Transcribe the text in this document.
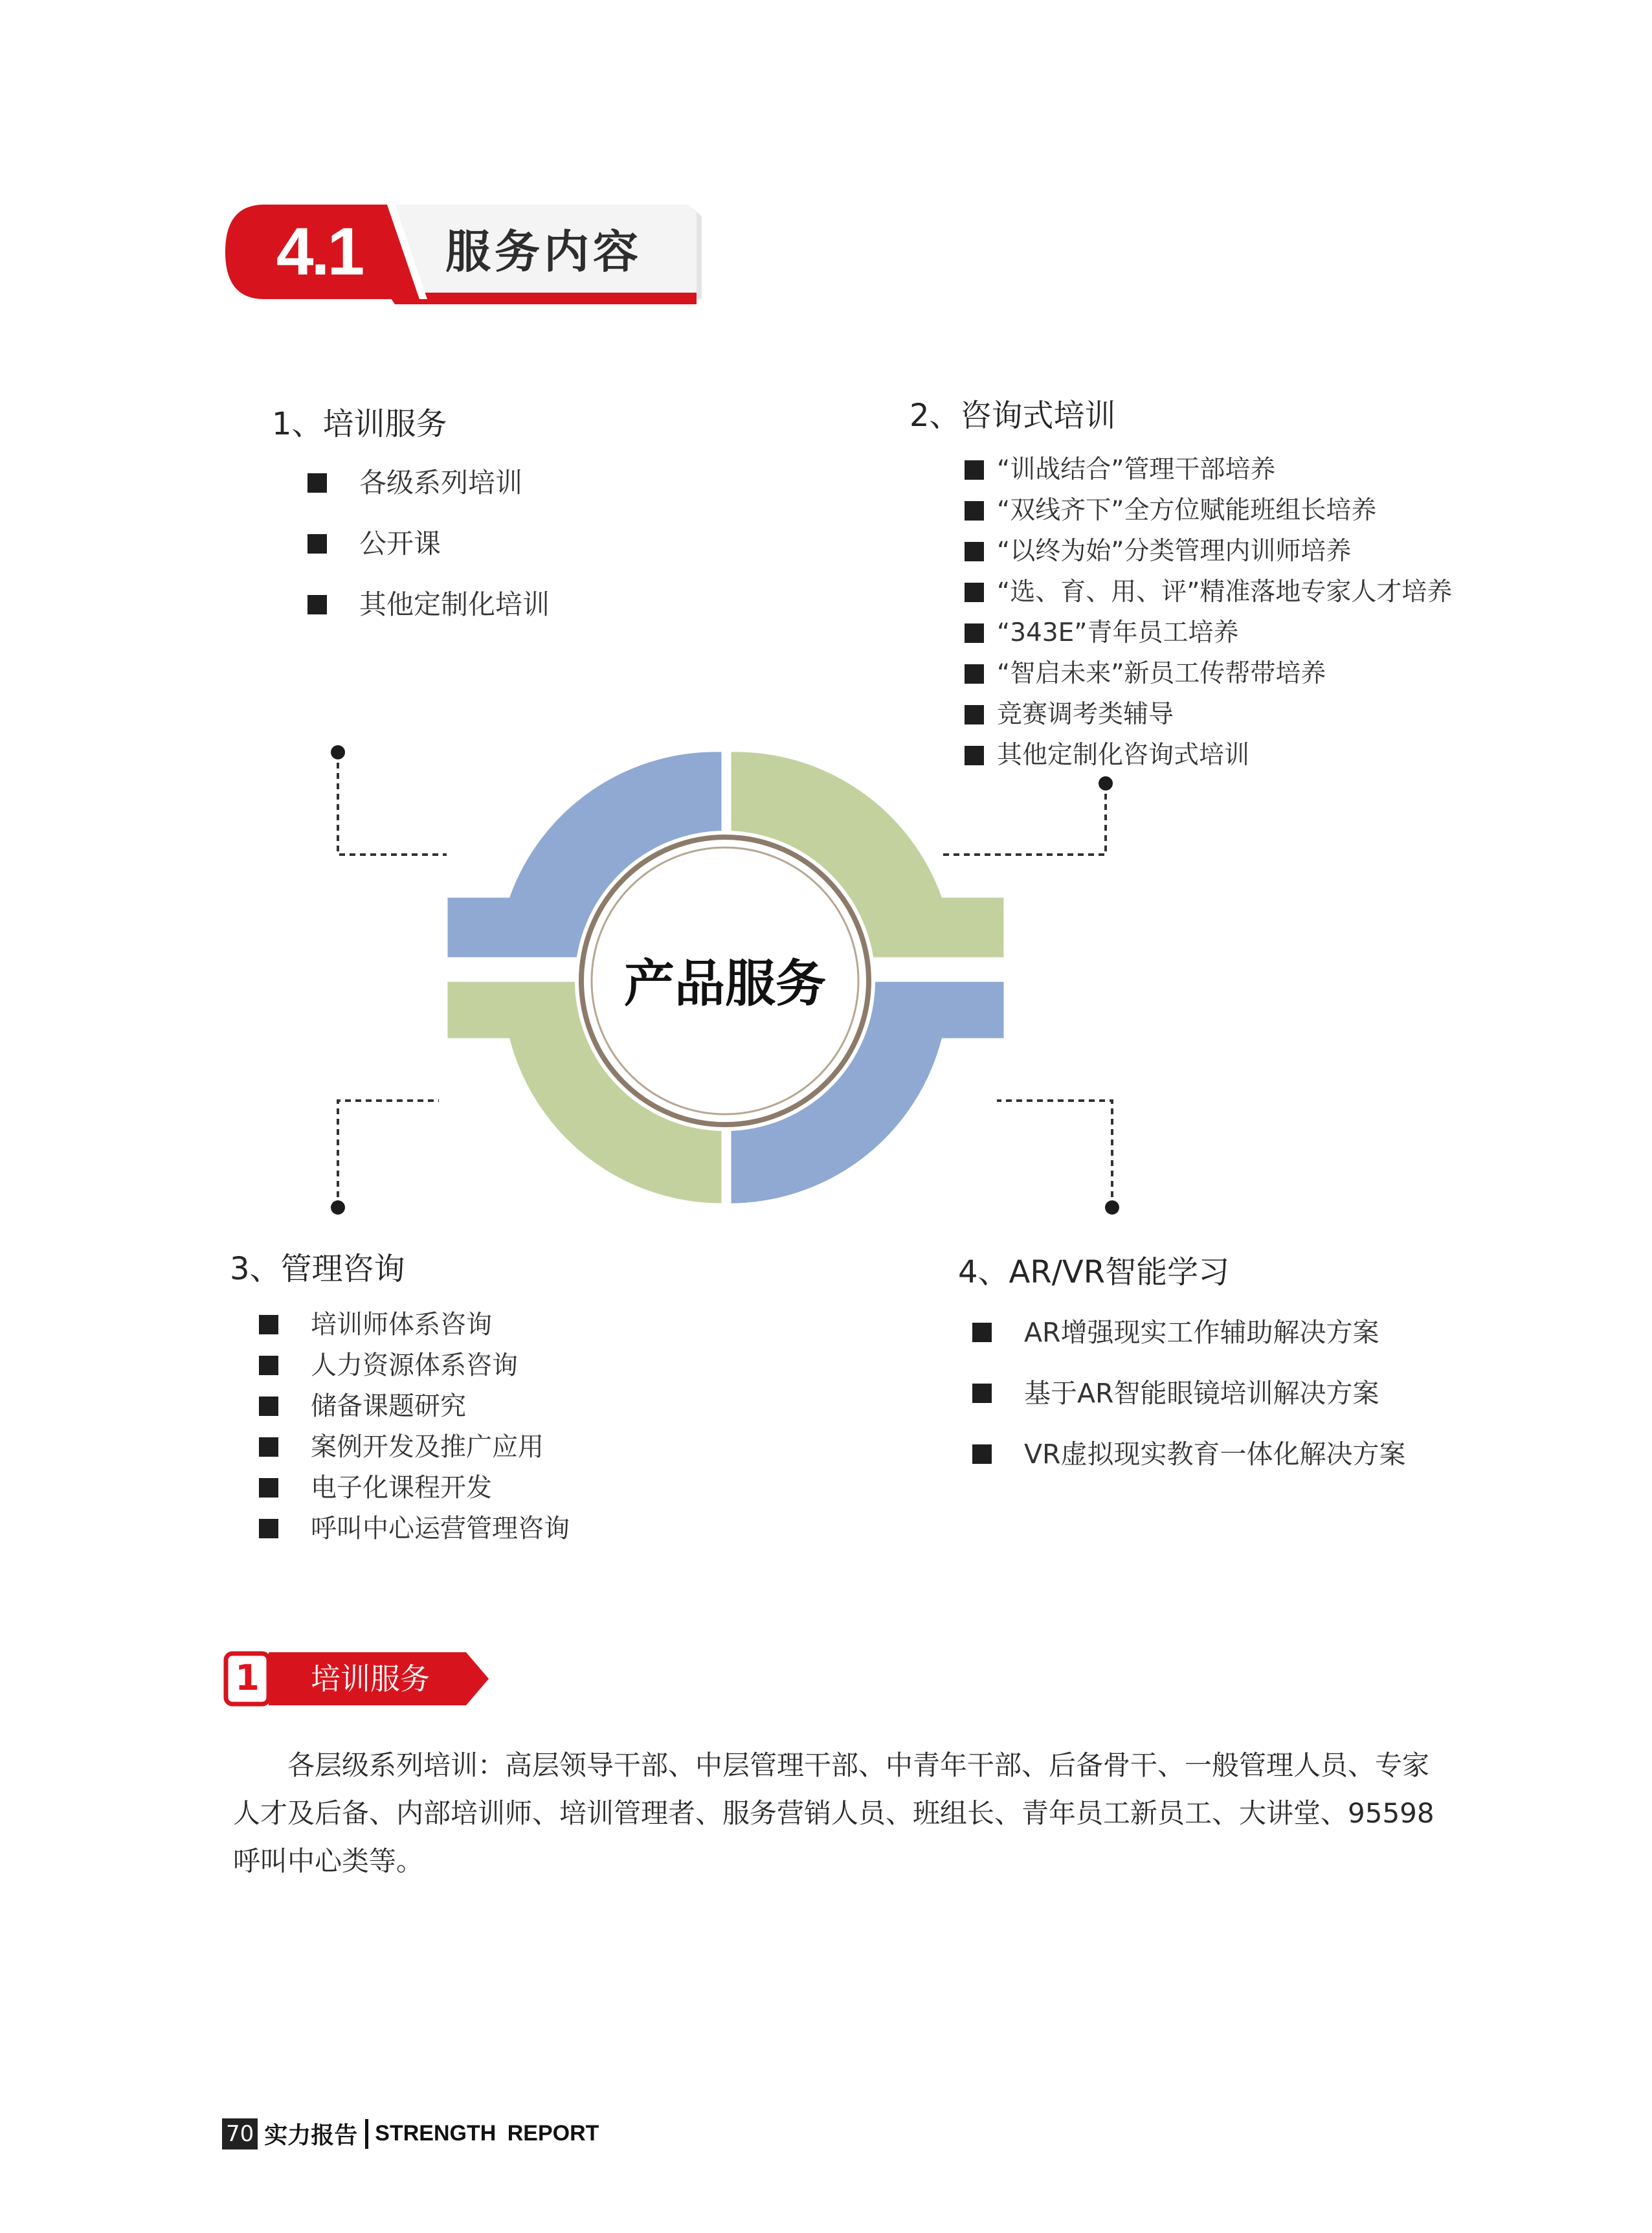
4.1	服务内容
1、培训服务
各级系列培训
公开课
其他定制化培训
2、咨询式培训
“训战结合”管理干部培养
“双线齐下”全方位赋能班组长培养
“以终为始”分类管理内训师培养
“选、育、用、评”精准落地专家人才培养
“343E”青年员工培养
“智启未来”新员工传帮带培养
竞赛调考类辅导
其他定制化咨询式培训
产品服务
3、管理咨询
培训师体系咨询
人力资源体系咨询
储备课题研究
案例开发及推广应用
电子化课程开发
呼叫中心运营管理咨询
4、AR/VR智能学习
AR增强现实工作辅助解决方案
基于AR智能眼镜培训解决方案
VR虚拟现实教育一体化解决方案
1	培训服务
各层级系列培训：高层领导干部、中层管理干部、中青年干部、后备骨干、一般管理人员、专家人才及后备、内部培训师、培训管理者、服务营销人员、班组长、青年员工新员工、大讲堂、95598呼叫中心类等。
70 实力报告 STRENGTH REPORT
